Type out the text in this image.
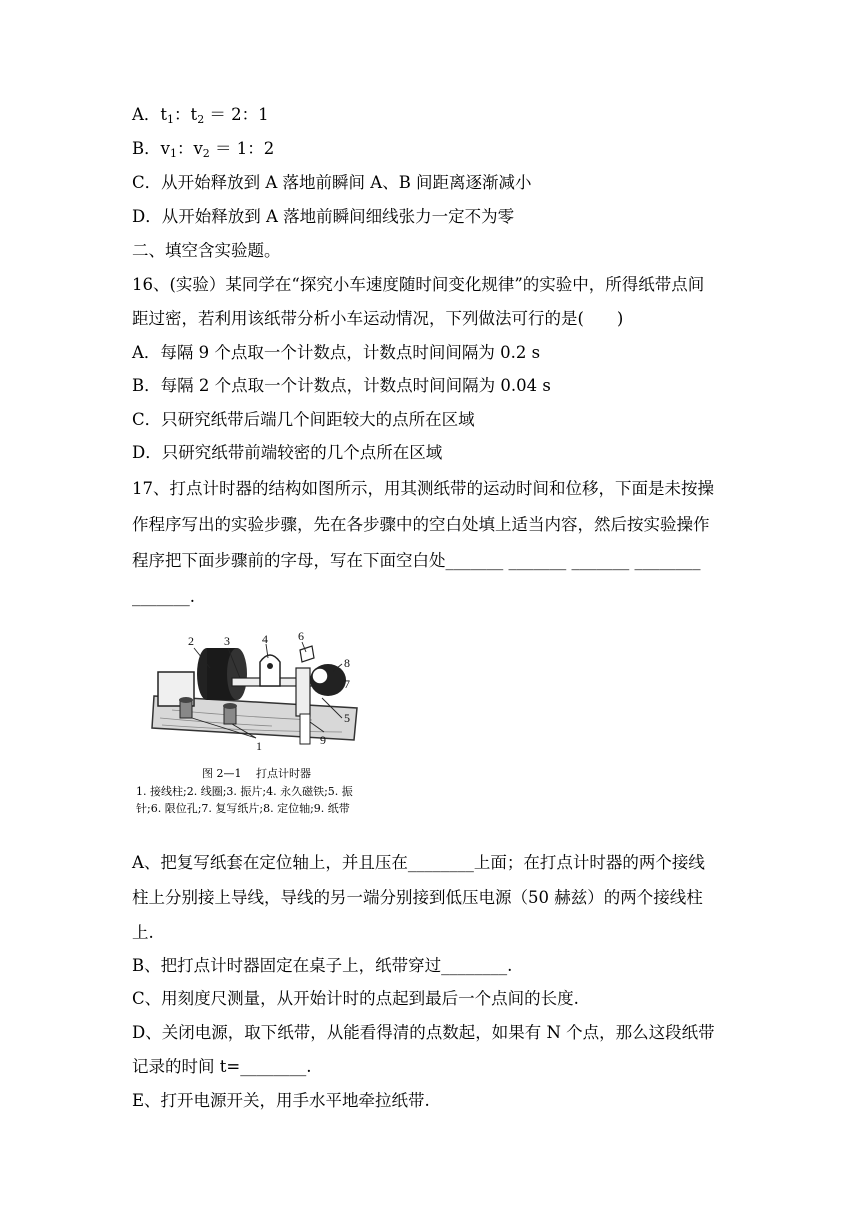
A．$t_1$：$t_2 = 2$：1
B．$v_1$：$v_2 = 1$：2
C．从开始释放到 A 落地前瞬间 A、B 间距离逐渐减小
D．从开始释放到 A 落地前瞬间细线张力一定不为零
二、填空含实验题。
16、(实验）某同学在“探究小车速度随时间变化规律”的实验中，所得纸带点间
距过密，若利用该纸带分析小车运动情况，下列做法可行的是(　　)
A．每隔 9 个点取一个计数点，计数点时间间隔为 0.2 s
B．每隔 2 个点取一个计数点，计数点时间间隔为 0.04 s
C．只研究纸带后端几个间距较大的点所在区域
D．只研究纸带前端较密的几个点所在区域
17、打点计时器的结构如图所示，用其测纸带的运动时间和位移，下面是未按操
作程序写出的实验步骤，先在各步骤中的空白处填上适当内容，然后按实验操作
程序把下面步骤前的字母，写在下面空白处_______ _______ _______ ________
_______.
2	3	4	6
8
7
5
9
1
图 2—1　 打点计时器
1. 接线柱;2. 线圈;3. 振片;4. 永久磁铁;5. 振
针;6. 限位孔;7. 复写纸片;8. 定位轴;9. 纸带
A、把复写纸套在定位轴上，并且压在________上面；在打点计时器的两个接线
柱上分别接上导线，导线的另一端分别接到低压电源（50 赫兹）的两个接线柱
上.
B、把打点计时器固定在桌子上，纸带穿过________.
C、用刻度尺测量，从开始计时的点起到最后一个点间的长度.
D、关闭电源，取下纸带，从能看得清的点数起，如果有 N 个点，那么这段纸带
记录的时间 t=________.
E、打开电源开关，用手水平地牵拉纸带.
